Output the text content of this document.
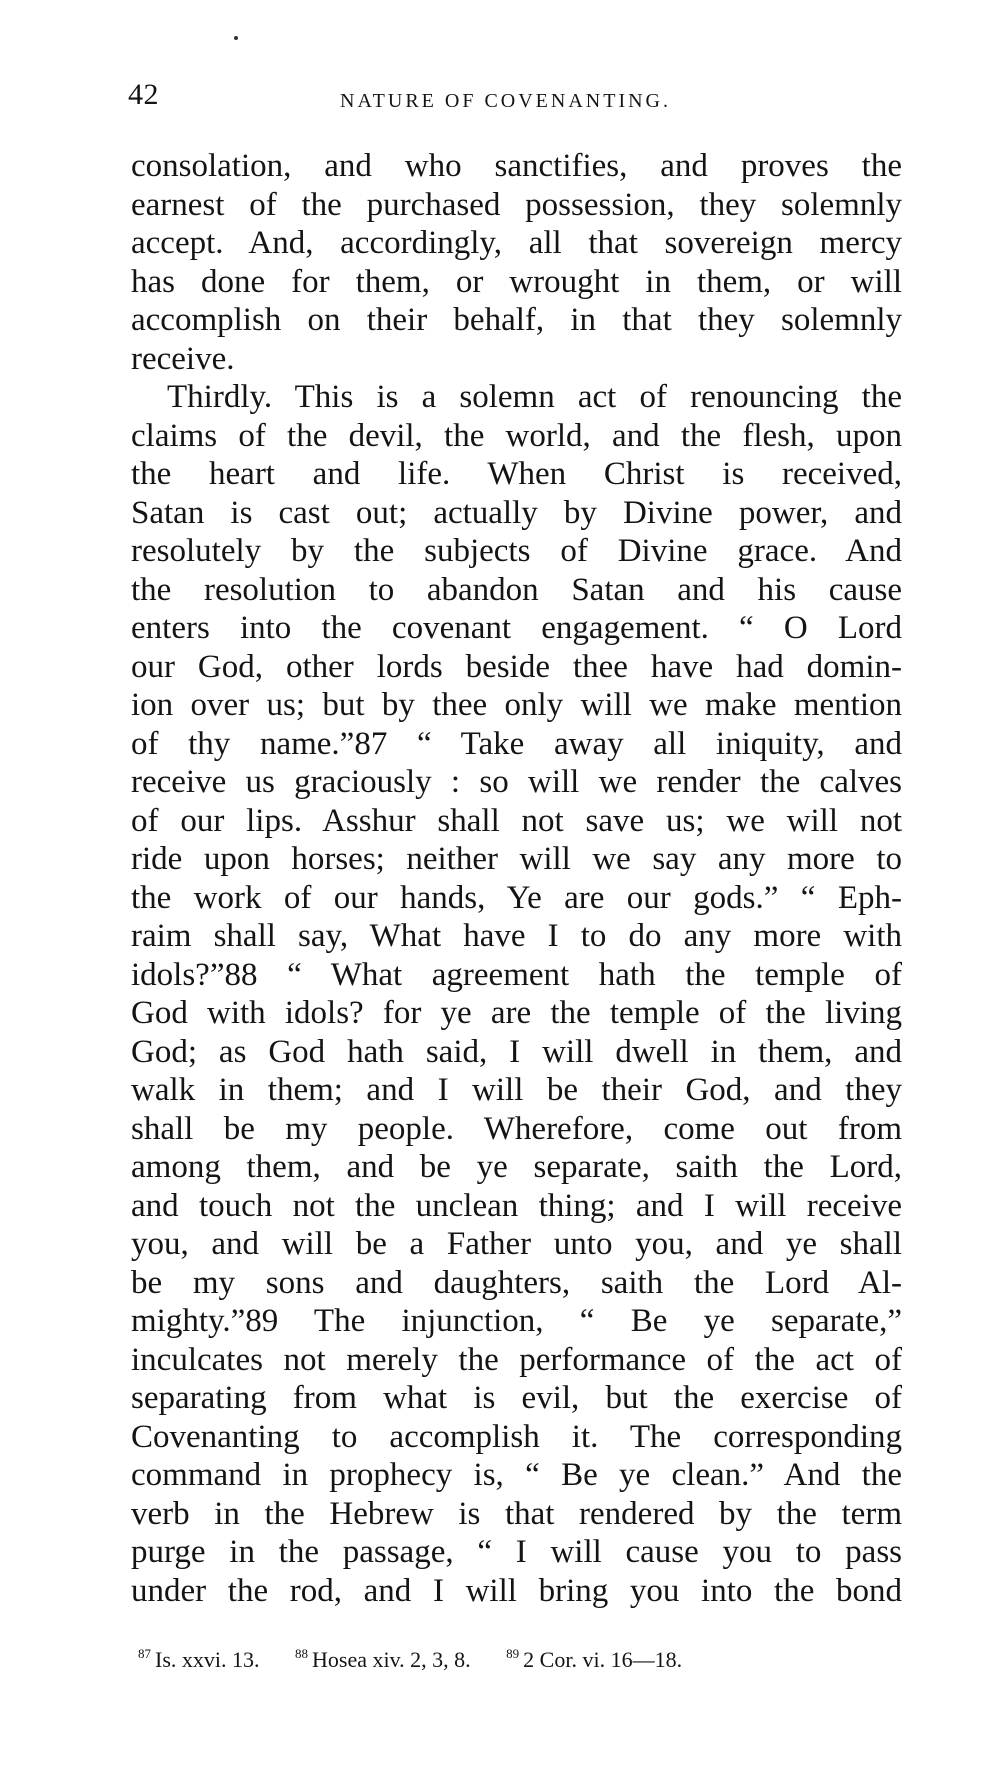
42	NATURE OF COVENANTING.
consolation, and who sanctifies, and proves the
earnest of the purchased possession, they solemnly
accept. And, accordingly, all that sovereign mercy
has done for them, or wrought in them, or will
accomplish on their behalf, in that they solemnly
receive.
Thirdly. This is a solemn act of renouncing the
claims of the devil, the world, and the flesh, upon
the heart and life. When Christ is received,
Satan is cast out; actually by Divine power, and
resolutely by the subjects of Divine grace. And
the resolution to abandon Satan and his cause
enters into the covenant engagement. “ O Lord
our God, other lords beside thee have had domin-
ion over us; but by thee only will we make mention
of thy name.”87 “ Take away all iniquity, and
receive us graciously : so will we render the calves
of our lips. Asshur shall not save us; we will not
ride upon horses; neither will we say any more to
the work of our hands, Ye are our gods.” “ Eph-
raim shall say, What have I to do any more with
idols?”88 “ What agreement hath the temple of
God with idols? for ye are the temple of the living
God; as God hath said, I will dwell in them, and
walk in them; and I will be their God, and they
shall be my people. Wherefore, come out from
among them, and be ye separate, saith the Lord,
and touch not the unclean thing; and I will receive
you, and will be a Father unto you, and ye shall
be my sons and daughters, saith the Lord Al-
mighty.”89 The injunction, “ Be ye separate,”
inculcates not merely the performance of the act of
separating from what is evil, but the exercise of
Covenanting to accomplish it. The corresponding
command in prophecy is, “ Be ye clean.” And the
verb in the Hebrew is that rendered by the term
purge in the passage, “ I will cause you to pass
under the rod, and I will bring you into the bond
$^{87}$ Is. xxvi. 13.	$^{88}$ Hosea xiv. 2, 3, 8.	$^{89}$ 2 Cor. vi. 16—18.
